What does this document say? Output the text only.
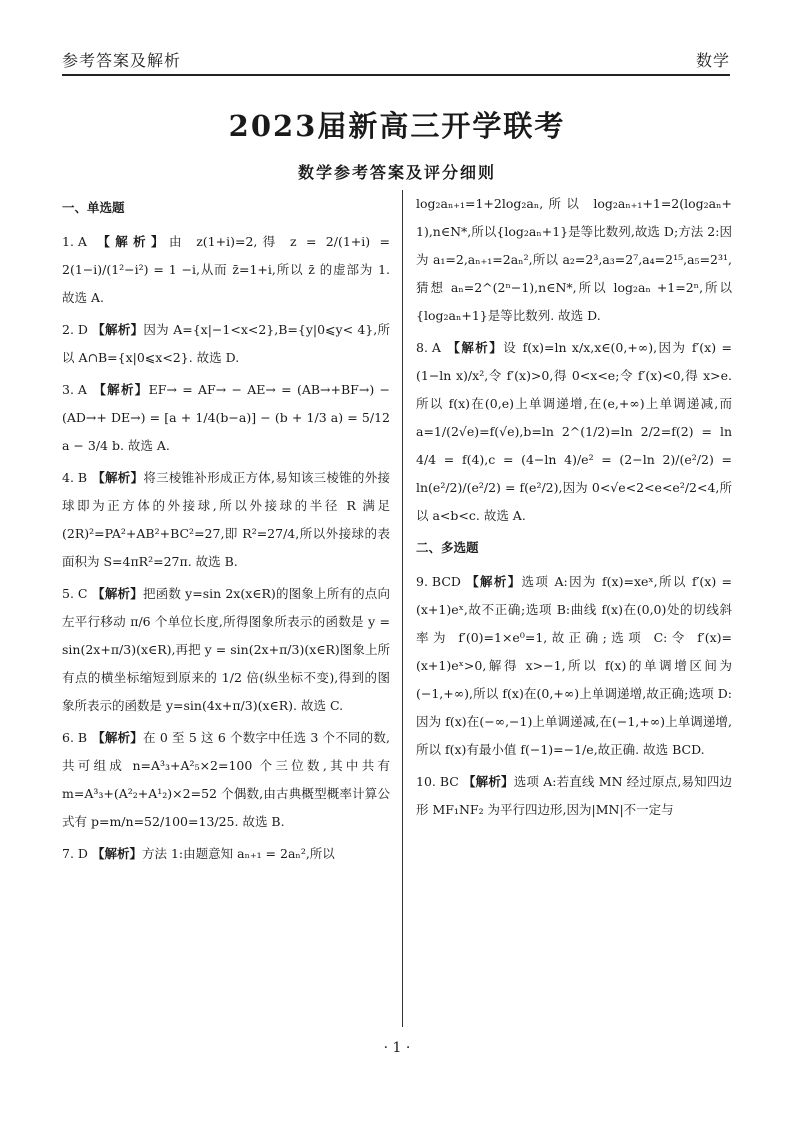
参考答案及解析	数学
2023届新高三开学联考
数学参考答案及评分细则
一、单选题

1. A 【解析】由 z(1+i)=2,得 z = 2/(1+i) = 2(1−i)/(1²−i²) = 1 −i,从而 z̄=1+i,所以 z̄ 的虚部为 1. 故选 A.

2. D 【解析】因为 A={x|−1<x<2},B={y|0⩽y< 4},所以 A∩B={x|0⩽x<2}. 故选 D.

3. A 【解析】EF→ = AF→ − AE→ = (AB→+BF→) − (AD→+ DE→) = [a + 1/4(b−a)] − (b + 1/3 a) = 5/12 a − 3/4 b. 故选 A.

4. B 【解析】将三棱锥补形成正方体,易知该三棱锥的外接球即为正方体的外接球,所以外接球的半径 R 满足(2R)²=PA²+AB²+BC²=27,即 R²=27/4,所以外接球的表面积为 S=4πR²=27π. 故选 B.

5. C 【解析】把函数 y=sin 2x(x∈R)的图象上所有的点向左平行移动 π/6 个单位长度,所得图象所表示的函数是 y = sin(2x+π/3)(x∈R),再把 y = sin(2x+π/3)(x∈R)图象上所有点的横坐标缩短到原来的 1/2 倍(纵坐标不变),得到的图象所表示的函数是 y=sin(4x+π/3)(x∈R). 故选 C.

6. B 【解析】在 0 至 5 这 6 个数字中任选 3 个不同的数,共可组成 n=A³₃+A²₅×2=100 个三位数,其中共有 m=A³₃+(A²₂+A¹₂)×2=52 个偶数,由古典概型概率计算公式有 p=m/n=52/100=13/25. 故选 B.

7. D 【解析】方法 1:由题意知 aₙ₊₁ = 2aₙ²,所以

log₂aₙ₊₁=1+2log₂aₙ,所以 log₂aₙ₊₁+1=2(log₂aₙ+ 1),n∈N*,所以{log₂aₙ+1}是等比数列,故选 D;方法 2:因为 a₁=2,aₙ₊₁=2aₙ²,所以 a₂=2³,a₃=2⁷,a₄=2¹⁵,a₅=2³¹,猜想 aₙ=2^(2ⁿ−1),n∈N*,所以 log₂aₙ +1=2ⁿ,所以{log₂aₙ+1}是等比数列. 故选 D.

8. A 【解析】设 f(x)=ln x/x,x∈(0,+∞),因为 f′(x) = (1−ln x)/x²,令 f′(x)>0,得 0<x<e;令 f′(x)<0,得 x>e. 所以 f(x)在(0,e)上单调递增,在(e,+∞)上单调递减,而 a=1/(2√e)=f(√e),b=ln 2^(1/2)=ln 2/2=f(2) = ln 4/4 = f(4),c = (4−ln 4)/e² = (2−ln 2)/(e²/2) = ln(e²/2)/(e²/2) = f(e²/2),因为 0<√e<2<e<e²/2<4,所以 a<b<c. 故选 A.

二、多选题

9. BCD 【解析】选项 A:因为 f(x)=xeˣ,所以 f′(x) =(x+1)eˣ,故不正确;选项 B:曲线 f(x)在(0,0)处的切线斜率为 f′(0)=1×e⁰=1,故正确;选项 C:令 f′(x)=(x+1)eˣ>0,解得 x>−1,所以 f(x)的单调增区间为(−1,+∞),所以 f(x)在(0,+∞)上单调递增,故正确;选项 D:因为 f(x)在(−∞,−1)上单调递减,在(−1,+∞)上单调递增,所以 f(x)有最小值 f(−1)=−1/e,故正确. 故选 BCD.

10. BC 【解析】选项 A:若直线 MN 经过原点,易知四边形 MF₁NF₂ 为平行四边形,因为|MN|不一定与

· 1 ·
